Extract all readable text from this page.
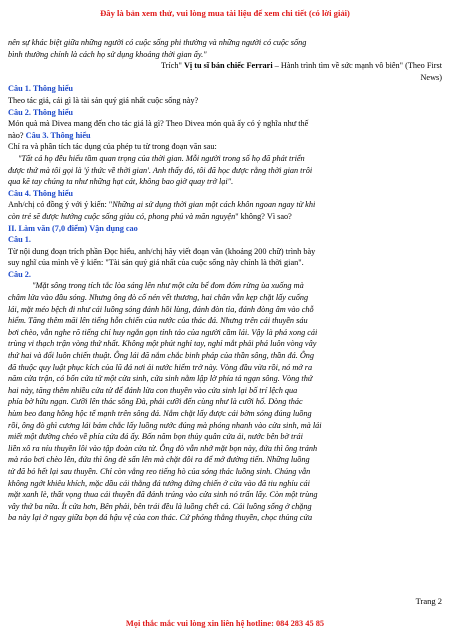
Đây là bản xem thử, vui lòng mua tài liệu để xem chi tiết (có lời giải)

nên sự khác biệt giữa những người có cuộc sống phi thường và những người có cuộc sống

bình thường chính là cách họ sử dụng khoảng thời gian ấy."

Trích" Vị tu sĩ bán chiếc Ferrari – Hành trình tìm về sức mạnh vô biên" (Theo First

News)

Câu 1. Thông hiểu

Theo tác giả, cái gì là tài sản quý giá nhất cuộc sống này?

Câu 2. Thông hiểu

Món quà mà Divea mang đến cho tác giả là gì? Theo Divea món quà ấy có ý nghĩa như thế

nào? Câu 3. Thông hiểu

Chỉ ra và phân tích tác dụng của phép tu từ trong đoạn văn sau:

"Tất cả họ đều hiểu tầm quan trọng của thời gian. Mỗi người trong số họ đã phát triển

được thứ mà tôi gọi là 'ý thức về thời gian'. Anh thấy đó, tôi đã học được rằng thời gian trôi

qua kẽ tay chúng ta như những hạt cát, không bao giờ quay trở lại".

Câu 4. Thông hiểu

Anh/chị có đồng ý với ý kiến: "Những ai sử dụng thời gian một cách khôn ngoan ngay từ khi

còn trẻ sẽ được hưởng cuộc sống giàu có, phong phú và mãn nguyện" không? Vì sao?

II. Làm văn (7,0 điểm) Vận dụng cao

Câu 1.

Từ nội dung đoạn trích phần Đọc hiểu, anh/chị hãy viết đoạn văn (khoảng 200 chữ) trình bày

suy nghĩ của mình về ý kiến: "Tài sản quý giá nhất của cuộc sống này chính là thời gian".

Câu 2.

"Mặt sông trong tích tắc lòa sáng lên như một cửa bể đom đóm rừng ùa xuống mà

châm lửa vào đầu sóng. Nhưng ông đò cố nén vết thương, hai chân vẫn kẹp chặt lấy cuống

lái, mặt méo bệch đi như cái luồng sóng đánh hồi lùng, đánh đòn tỉa, đánh đòng âm vào chỗ

hiểm. Tăng thêm mãi lên tiếng hỗn chiến của nước của thác đá. Nhưng trên cái thuyền sáu

bơi chèo, vẫn nghe rõ tiếng chỉ huy ngắn gọn tỉnh táo của người cầm lái. Vậy là phá xong cái

trùng vi thạch trận vòng thứ nhất. Không một phút nghỉ tay, nghỉ mắt phải phá luôn vòng vây

thứ hai và đổi luôn chiến thuật. Ông lái đã nắm chắc binh pháp của thần sông, thần đá. Ông

đã thuộc quy luật phục kích của lũ đá nơi ải nước hiểm trở này. Vòng đầu vừa rồi, nó mở ra

năm cửa trận, có bốn cửa tử một cửa sinh, cửa sinh nằm lập lờ phía tả ngạn sông. Vòng thứ

hai này, tăng thêm nhiều cửa tử để đánh lừa con thuyền vào cửa sinh lại bố trí lệch qua

phía bờ hữu ngạn. Cưỡi lên thác sông Đà, phải cưỡi đến cùng như là cưỡi hổ. Dòng thác

hùm beo đang hồng hộc tế mạnh trên sông đá. Nắm chặt lấy được cái bờm sóng đúng luồng

rồi, ông đò ghì cương lái bám chắc lấy luồng nước đúng mà phóng nhanh vào cửa sinh, mà lái

miết một đường chéo về phía cửa đá ấy. Bốn năm bọn thủy quân cửa ải, nước bên bờ trái

liền xô ra níu thuyền lôi vào tập đoàn cửa tử. Ông đò vẫn nhớ mặt bọn này, đứa thì ông tránh

mà rảo bơi chèo lên, đứa thì ông đè sấn lên mà chặt đôi ra để mở đường tiến. Những luồng

tử đã bỏ hết lại sau thuyền. Chỉ còn vẳng reo tiếng hò của sóng thác luồng sinh. Chúng vẫn

không ngớt khiêu khích, mặc dầu cái thằng đá tướng đứng chiến ở cửa vào đã tiu nghỉu cái

mặt xanh lè, thất vọng thua cái thuyền đã đánh trúng vào cửa sinh nó trấn lấy. Còn một trùng

vây thứ ba nữa. Ít cửa hơn, Bên phải, bên trái đều là luồng chết cả. Cái luồng sống ở chặng

ba này lại ở ngay giữa bọn đá hậu vệ của con thác. Cứ phóng thẳng thuyền, chọc thủng cửa

Trang 2
Mọi thắc mắc vui lòng xin liên hệ hotline: 084 283 45 85
